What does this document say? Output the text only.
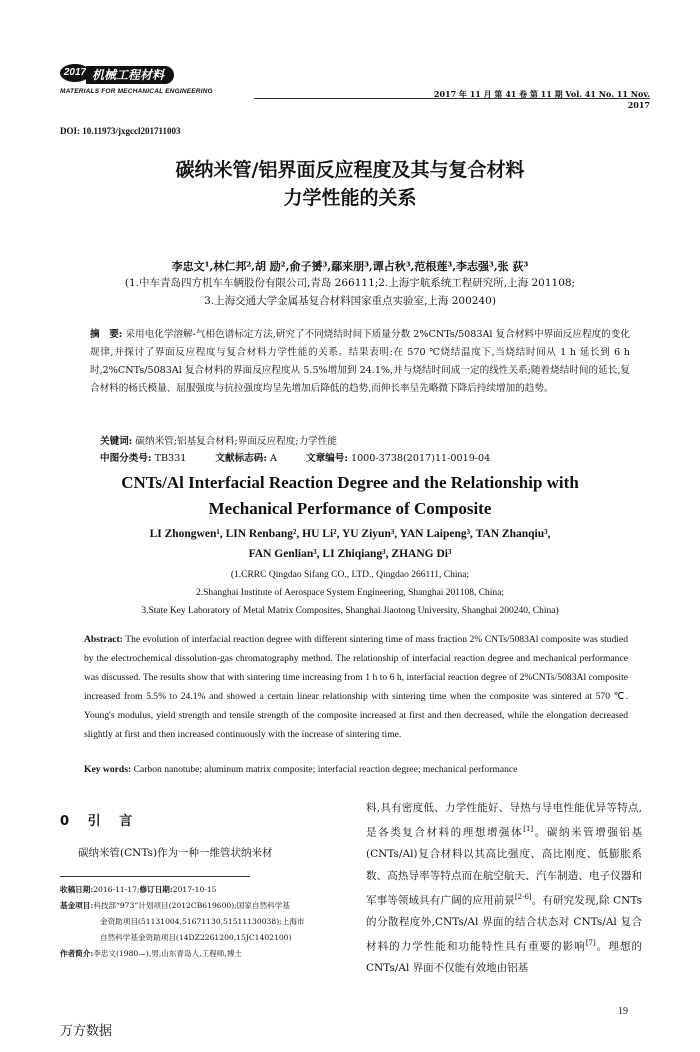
2017 机械工程材料
MATERIALS FOR MECHANICAL ENGINEERING	2017 年 11 月 第 41 卷 第 11 期 Vol. 41 No. 11 Nov. 2017
DOI: 10.11973/jxgccl201711003
碳纳米管/铝界面反应程度及其与复合材料
力学性能的关系
李忠文¹,林仁邦²,胡 励²,俞子赟³,鄢来朋³,谭占秋³,范根莲³,李志强³,张 荻³
(1.中车青岛四方机车车辆股份有限公司,青岛 266111;2.上海宇航系统工程研究所,上海 201108;
3.上海交通大学金属基复合材料国家重点实验室,上海 200240)
摘　要: 采用电化学溶解-气相色谱标定方法,研究了不同烧结时间下质量分数 2%CNTs/5083Al 复合材料中界面反应程度的变化规律,并探讨了界面反应程度与复合材料力学性能的关系。结果表明:在 570 ℃烧结温度下,当烧结时间从 1 h 延长到 6 h 时,2%CNTs/5083Al 复合材料的界面反应程度从 5.5%增加到 24.1%,并与烧结时间成一定的线性关系;随着烧结时间的延长,复合材料的杨氏模量、屈服强度与抗拉强度均呈先增加后降低的趋势,而伸长率呈先略微下降后持续增加的趋势。
关键词: 碳纳米管;铝基复合材料;界面反应程度;力学性能
中图分类号: TB331	文献标志码: A	文章编号: 1000-3738(2017)11-0019-04
CNTs/Al Interfacial Reaction Degree and the Relationship with
Mechanical Performance of Composite
LI Zhongwen¹, LIN Renbang², HU Li², YU Ziyun³, YAN Laipeng³, TAN Zhanqiu³,
FAN Genlian³, LI Zhiqiang³, ZHANG Di³
(1.CRRC Qingdao Sifang CO., LTD., Qingdao 266111, China;
2.Shanghai Institute of Aerospace System Engineering, Shanghai 201108, China;
3.State Key Laboratory of Metal Matrix Composites, Shanghai Jiaotong University, Shanghai 200240, China)
Abstract: The evolution of interfacial reaction degree with different sintering time of mass fraction 2% CNTs/5083Al composite was studied by the electrochemical dissolution-gas chromatography method. The relationship of interfacial reaction degree and mechanical performance was discussed. The results show that with sintering time increasing from 1 h to 6 h, interfacial reaction degree of 2%CNTs/5083Al composite increased from 5.5% to 24.1% and showed a certain linear relationship with sintering time when the composite was sintered at 570 ℃. Young's modulus, yield strength and tensile strength of the composite increased at first and then decreased, while the elongation decreased slightly at first and then increased continuously with the increase of sintering time.
Key words: Carbon nanotube; aluminum matrix composite; interfacial reaction degree; mechanical performance
0 引 言
碳纳米管(CNTs)作为一种一维管状纳米材
收稿日期:2016-11-17;修订日期:2017-10-15
基金项目:科技部“973”计划项目(2012CB619600);国家自然科学基
金资助项目(51131004,51671130,51511130038);上海市
自然科学基金资助项目(14DZ2261200,15JC1402100)
作者简介:李忠文(1980—),男,山东青岛人,工程师,博士
料,具有密度低、力学性能好、导热与导电性能优异等特点,是各类复合材料的理想增强体[1]。碳纳米管增强铝基(CNTs/Al)复合材料以其高比强度、高比刚度、低膨胀系数、高热导率等特点而在航空航天、汽车制造、电子仪器和军事等领域具有广阔的应用前景[2-6]。有研究发现,除 CNTs 的分散程度外,CNTs/Al 界面的结合状态对 CNTs/Al 复合材料的力学性能和功能特性具有重要的影响[7]。理想的 CNTs/Al 界面不仅能有效地由铝基
19
万方数据
